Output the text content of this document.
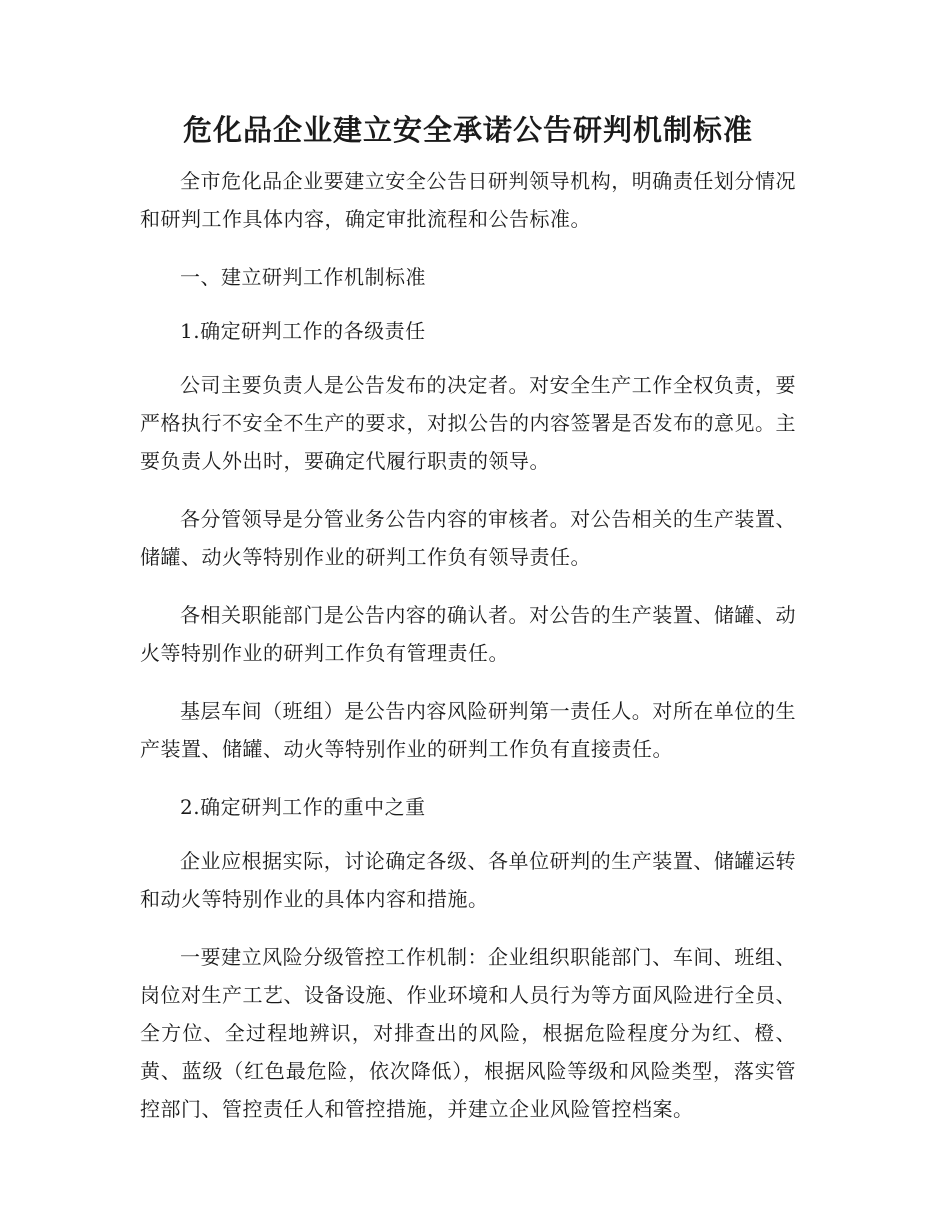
危化品企业建立安全承诺公告研判机制标准

全市危化品企业要建立安全公告日研判领导机构，明确责任划分情况和研判工作具体内容，确定审批流程和公告标准。

一、建立研判工作机制标准

1.确定研判工作的各级责任

公司主要负责人是公告发布的决定者。对安全生产工作全权负责，要严格执行不安全不生产的要求，对拟公告的内容签署是否发布的意见。主要负责人外出时，要确定代履行职责的领导。

各分管领导是分管业务公告内容的审核者。对公告相关的生产装置、储罐、动火等特别作业的研判工作负有领导责任。

各相关职能部门是公告内容的确认者。对公告的生产装置、储罐、动火等特别作业的研判工作负有管理责任。

基层车间（班组）是公告内容风险研判第一责任人。对所在单位的生产装置、储罐、动火等特别作业的研判工作负有直接责任。

2.确定研判工作的重中之重

企业应根据实际，讨论确定各级、各单位研判的生产装置、储罐运转和动火等特别作业的具体内容和措施。

一要建立风险分级管控工作机制：企业组织职能部门、车间、班组、岗位对生产工艺、设备设施、作业环境和人员行为等方面风险进行全员、全方位、全过程地辨识，对排查出的风险，根据危险程度分为红、橙、黄、蓝级（红色最危险，依次降低），根据风险等级和风险类型，落实管控部门、管控责任人和管控措施，并建立企业风险管控档案。
